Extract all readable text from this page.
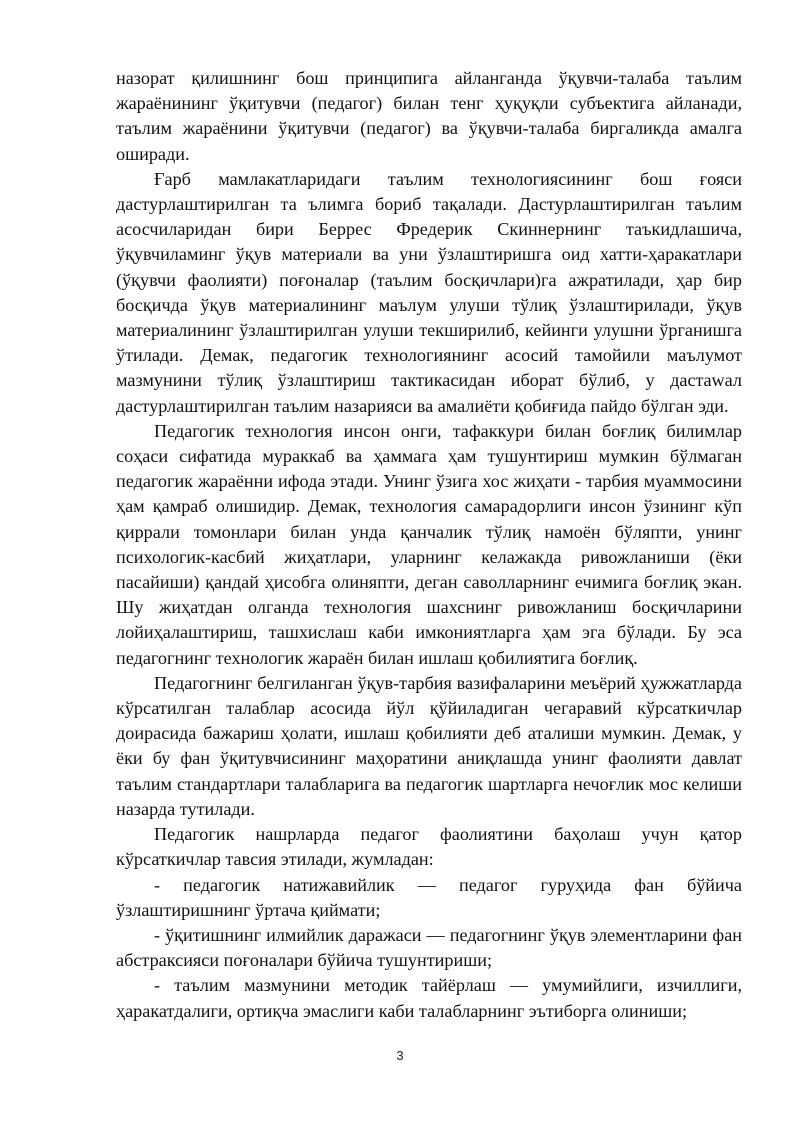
назорат қилишнинг бош принципига айланганда ўқувчи-талаба таълим жараёнининг ўқитувчи (педагог) билан тенг ҳуқуқли субъектига айланади, таълим жараёнини ўқитувчи (педагог) ва ўқувчи-талаба биргаликда амалга оширади.

Ғарб мамлакатларидаги таълим технологиясининг бош ғояси дастурлаштирилган та ълимга бориб тақалади. Дастурлаштирилган таълим асосчиларидан бири Беррес Фредерик Скиннернинг таъкидлашича, ўқувчиламинг ўқув материали ва уни ўзлаштиришга оид хатти-ҳаракатлари (ўқувчи фаолияти) поғоналар (таълим босқичлари)га ажратилади, ҳар бир босқичда ўқув материалининг маълум улуши тўлиқ ўзлаштирилади, ўқув материалининг ўзлаштирилган улуши текширилиб, кейинги улушни ўрганишга ўтилади. Демак, педагогик технологиянинг асосий тамойили маълумот мазмунини тўлиқ ўзлаштириш тактикасидан иборат бўлиб, у дастawал дастурлаштирилган таълим назарияси ва амалиёти қобиғида пайдо бўлган эди.

Педагогик технология инсон онги, тафаккури билан боғлиқ билимлар соҳаси сифатида мураккаб ва ҳаммага ҳам тушунтириш мумкин бўлмаган педагогик жараённи ифода этади. Унинг ўзига хос жиҳати - тарбия муаммосини ҳам қамраб олишидир. Демак, технология самарадорлиги инсон ўзининг кўп қиррали томонлари билан унда қанчалик тўлиқ намоён бўляпти, унинг психологик-касбий жиҳатлари, уларнинг келажакда ривожланиши (ёки пасайиши) қандай ҳисобга олиняпти, деган саволларнинг ечимига боғлиқ экан. Шу жиҳатдан олганда технология шахснинг ривожланиш босқичларини лойиҳалаштириш, ташхислаш каби имкониятларга ҳам эга бўлади. Бу эса педагогнинг технологик жараён билан ишлаш қобилиятига боғлиқ.

Педагогнинг белгиланган ўқув-тарбия вазифаларини меъёрий ҳужжатларда кўрсатилган талаблар асосида йўл қўйиладиган чегаравий кўрсаткичлар доирасида бажариш ҳолати, ишлаш қобилияти деб аталиши мумкин. Демак, у ёки бу фан ўқитувчисининг маҳоратини аниқлашда унинг фаолияти давлат таълим стандартлари талабларига ва педагогик шартларга нечоғлик мос келиши назарда тутилади.

Педагогик нашрларда педагог фаолиятини баҳолаш учун қатор кўрсаткичлар тавсия этилади, жумладан:

- педагогик натижавийлик — педагог гуруҳида фан бўйича ўзлаштиришнинг ўртача қиймати;

- ўқитишнинг илмийлик даражаси — педагогнинг ўқув элементларини фан абстраксияси поғоналари бўйича тушунтириши;

- таълим мазмунини методик тайёрлаш — умумийлиги, изчиллиги, ҳаракатдалиги, ортиқча эмаслиги каби талабларнинг эътиборга олиниши;

3
